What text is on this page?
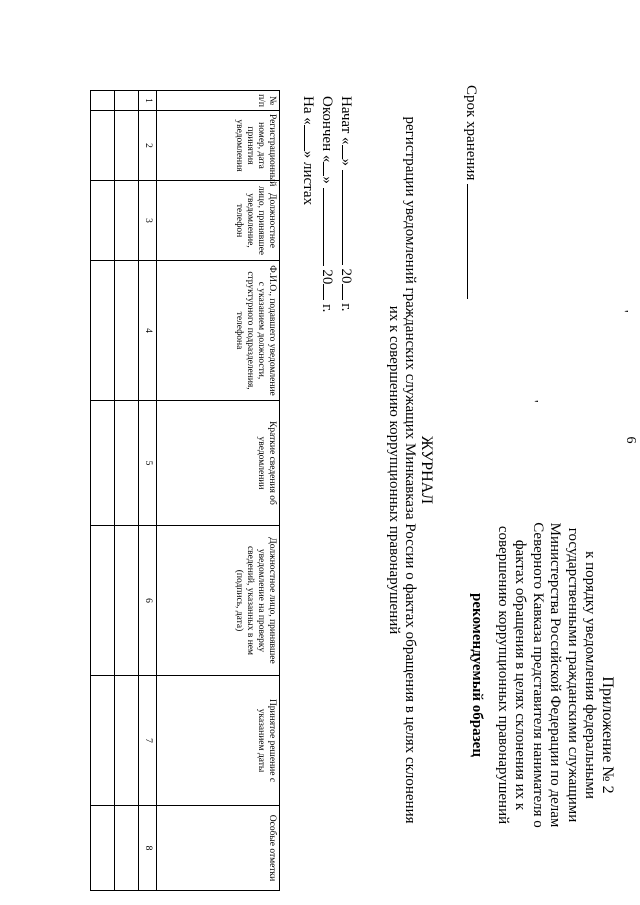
6
'
'
Приложение № 2
к порядку уведомления федеральными
государственными гражданскими служащими
Министерства Российской Федерации по делам
Северного Кавказа представителя нанимателя о
фактах обращения в целях склонения их к
совершению коррупционных правонарушений
рекомендуемый образец
Срок хранения
ЖУРНАЛ
регистрации уведомлений гражданских служащих Минкавказа России о фактах обращения в целях склонения
их к совершению коррупционных правонарушений
Начат «»  20 г.
Окончен «»  20 г.
На «» листах
№ п/п	Регистрационный номер, дата принятия уведомления	Должностное лицо, принявшее уведомление, телефон	Ф.И.О., подавшего уведомление с указанием должности, структурного подразделения, телефона	Краткие сведения об уведомлении	Должностное лицо, принявшее уведомление на проверку сведений, указанных в нем (подпись, дата)	Принятое решение с указанием даты	Особые отметки
1	2	3	4	5	6	7	8
